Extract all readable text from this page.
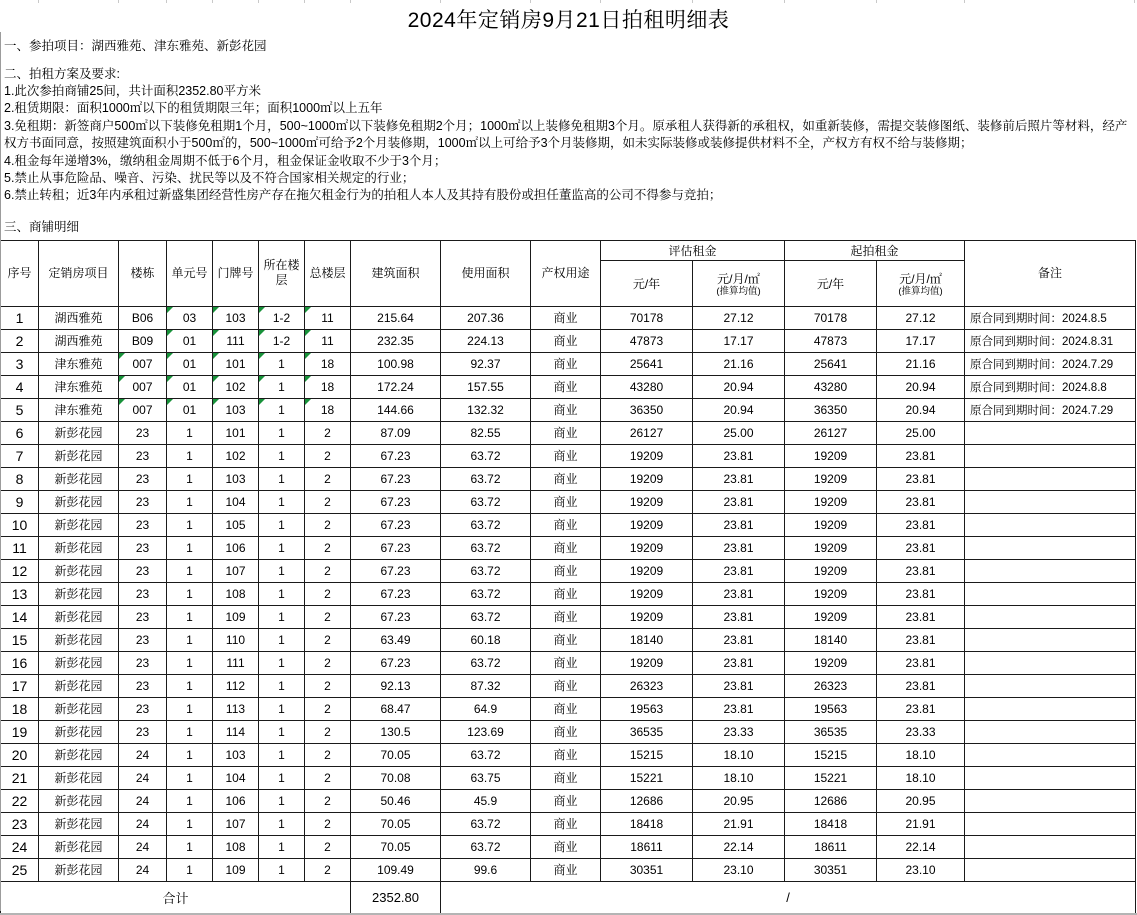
2024年定销房9月21日拍租明细表
一、参拍项目：湖西雅苑、津东雅苑、新彭花园
二、拍租方案及要求:
1.此次参拍商铺25间，共计面积2352.80平方米
2.租赁期限：面积1000㎡以下的租赁期限三年；面积1000㎡以上五年
3.免租期：新签商户500㎡以下装修免租期1个月，500~1000㎡以下装修免租期2个月；1000㎡以上装修免租期3个月。原承租人获得新的承租权，如重新装修，需提交装修图纸、装修前后照片等材料，经产权方书面同意，按照建筑面积小于500㎡的，500~1000㎡可给予2个月装修期，1000㎡以上可给予3个月装修期，如未实际装修或装修提供材料不全，产权方有权不给与装修期；
4.租金每年递增3%，缴纳租金周期不低于6个月，租金保证金收取不少于3个月；
5.禁止从事危险品、噪音、污染、扰民等以及不符合国家相关规定的行业；
6.禁止转租；近3年内承租过新盛集团经营性房产存在拖欠租金行为的拍租人本人及其持有股份或担任董监高的公司不得参与竞拍；
三、商铺明细
序号	定销房项目	楼栋	单元号	门牌号	所在楼层	总楼层	建筑面积	使用面积	产权用途	评估租金		起拍租金		备注
										元/年	元/月/㎡
(推算均值)	元/年	元/月/㎡
(推算均值)	

1	湖西雅苑	B06	03	103	1-2	11	215.64	207.36	商业	70178	27.12	70178	27.12	原合同到期时间：2024.8.5
2	湖西雅苑	B09	01	111	1-2	11	232.35	224.13	商业	47873	17.17	47873	17.17	原合同到期时间：2024.8.31
3	津东雅苑	007	01	101	1	18	100.98	92.37	商业	25641	21.16	25641	21.16	原合同到期时间：2024.7.29
4	津东雅苑	007	01	102	1	18	172.24	157.55	商业	43280	20.94	43280	20.94	原合同到期时间：2024.8.8
5	津东雅苑	007	01	103	1	18	144.66	132.32	商业	36350	20.94	36350	20.94	原合同到期时间：2024.7.29
6	新彭花园	23	1	101	1	2	87.09	82.55	商业	26127	25.00	26127	25.00	
7	新彭花园	23	1	102	1	2	67.23	63.72	商业	19209	23.81	19209	23.81	
8	新彭花园	23	1	103	1	2	67.23	63.72	商业	19209	23.81	19209	23.81	
9	新彭花园	23	1	104	1	2	67.23	63.72	商业	19209	23.81	19209	23.81	
10	新彭花园	23	1	105	1	2	67.23	63.72	商业	19209	23.81	19209	23.81	
11	新彭花园	23	1	106	1	2	67.23	63.72	商业	19209	23.81	19209	23.81	
12	新彭花园	23	1	107	1	2	67.23	63.72	商业	19209	23.81	19209	23.81	
13	新彭花园	23	1	108	1	2	67.23	63.72	商业	19209	23.81	19209	23.81	
14	新彭花园	23	1	109	1	2	67.23	63.72	商业	19209	23.81	19209	23.81	
15	新彭花园	23	1	110	1	2	63.49	60.18	商业	18140	23.81	18140	23.81	
16	新彭花园	23	1	111	1	2	67.23	63.72	商业	19209	23.81	19209	23.81	
17	新彭花园	23	1	112	1	2	92.13	87.32	商业	26323	23.81	26323	23.81	
18	新彭花园	23	1	113	1	2	68.47	64.9	商业	19563	23.81	19563	23.81	
19	新彭花园	23	1	114	1	2	130.5	123.69	商业	36535	23.33	36535	23.33	
20	新彭花园	24	1	103	1	2	70.05	63.72	商业	15215	18.10	15215	18.10	
21	新彭花园	24	1	104	1	2	70.08	63.75	商业	15221	18.10	15221	18.10	
22	新彭花园	24	1	106	1	2	50.46	45.9	商业	12686	20.95	12686	20.95	
23	新彭花园	24	1	107	1	2	70.05	63.72	商业	18418	21.91	18418	21.91	
24	新彭花园	24	1	108	1	2	70.05	63.72	商业	18611	22.14	18611	22.14	
25	新彭花园	24	1	109	1	2	109.49	99.6	商业	30351	23.10	30351	23.10	
合计							2352.80	/						
